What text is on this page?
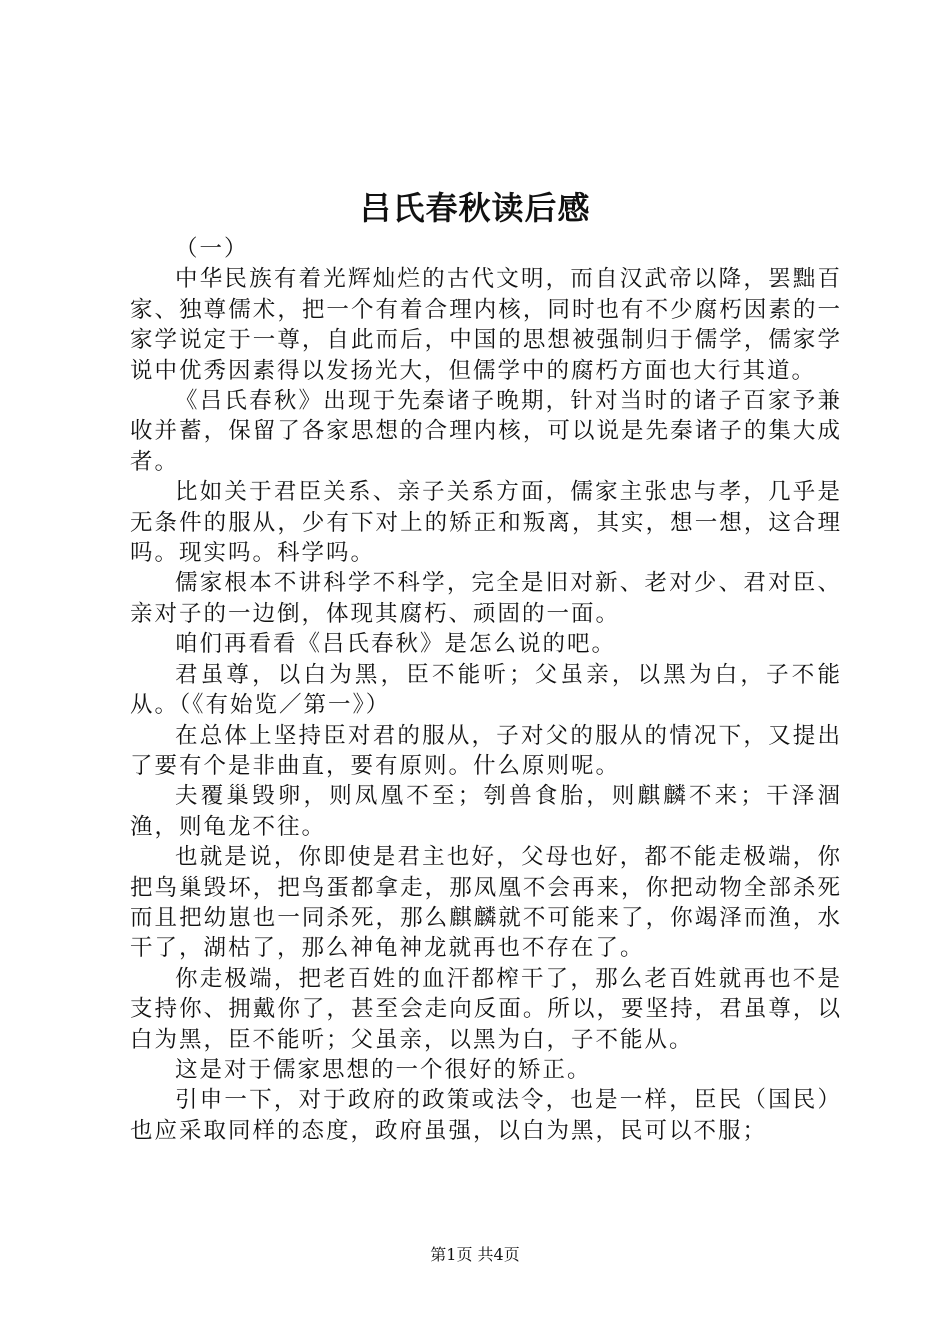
吕氏春秋读后感

（一）

中华民族有着光辉灿烂的古代文明，而自汉武帝以降，罢黜百家、独尊儒术，把一个有着合理内核，同时也有不少腐朽因素的一家学说定于一尊，自此而后，中国的思想被强制归于儒学，儒家学说中优秀因素得以发扬光大，但儒学中的腐朽方面也大行其道。

《吕氏春秋》出现于先秦诸子晚期，针对当时的诸子百家予兼收并蓄，保留了各家思想的合理内核，可以说是先秦诸子的集大成者。

比如关于君臣关系、亲子关系方面，儒家主张忠与孝，几乎是无条件的服从，少有下对上的矫正和叛离，其实，想一想，这合理吗。现实吗。科学吗。

儒家根本不讲科学不科学，完全是旧对新、老对少、君对臣、亲对子的一边倒，体现其腐朽、顽固的一面。

咱们再看看《吕氏春秋》是怎么说的吧。

君虽尊，以白为黑，臣不能听；父虽亲，以黑为白，子不能从。（《有始览／第一》）

在总体上坚持臣对君的服从，子对父的服从的情况下，又提出了要有个是非曲直，要有原则。什么原则呢。

夫覆巢毁卵，则凤凰不至；刳兽食胎，则麒麟不来；干泽涸渔，则龟龙不往。

也就是说，你即使是君主也好，父母也好，都不能走极端，你把鸟巢毁坏，把鸟蛋都拿走，那凤凰不会再来，你把动物全部杀死而且把幼崽也一同杀死，那么麒麟就不可能来了，你竭泽而渔，水干了，湖枯了，那么神龟神龙就再也不存在了。

你走极端，把老百姓的血汗都榨干了，那么老百姓就再也不是支持你、拥戴你了，甚至会走向反面。所以，要坚持，君虽尊，以白为黑，臣不能听；父虽亲，以黑为白，子不能从。

这是对于儒家思想的一个很好的矫正。

引申一下，对于政府的政策或法令，也是一样，臣民（国民）也应采取同样的态度，政府虽强，以白为黑，民可以不服；

第1页 共4页
